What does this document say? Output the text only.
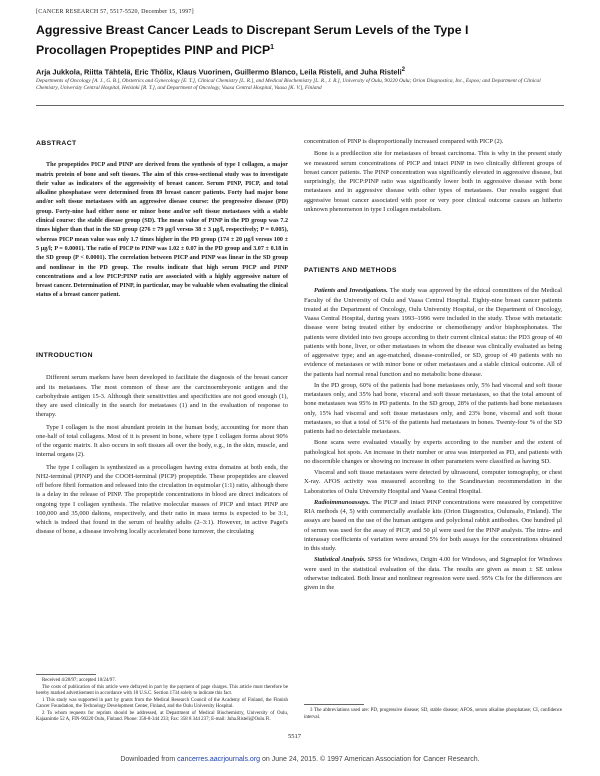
[CANCER RESEARCH 57, 5517-5520, December 15, 1997]
Aggressive Breast Cancer Leads to Discrepant Serum Levels of the Type I Procollagen Propeptides PINP and PICP$^1$
Arja Jukkola, Riitta Tähtelä, Eric Thölix, Klaus Vuorinen, Guillermo Blanco, Leila Risteli, and Juha Risteli$^2$
Departments of Oncology [A. J., G. B.], Obstetrics and Gynecology [E. T.], Clinical Chemistry [L. R.], and Medical Biochemistry [L. R., J. R.], University of Oulu, 90220 Oulu; Orion Diagnostica, Inc., Espoo; and Department of Clinical Chemistry, University Central Hospital, Helsinki [R. T.], and Department of Oncology, Vaasa Central Hospital, Vaasa [K. V.], Finland
ABSTRACT

The propeptides PICP and PINP are derived from the synthesis of type I collagen, a major matrix protein of bone and soft tissues. The aim of this cross-sectional study was to investigate their value as indicators of the aggressivity of breast cancer. Serum PINP, PICP, and total alkaline phosphatase were determined from 89 breast cancer patients. Forty had major bone and/or soft tissue metastases with an aggressive disease course: the progressive disease (PD) group. Forty-nine had either none or minor bone and/or soft tissue metastases with a stable clinical course: the stable disease group (SD). The mean value of PINP in the PD group was 7.2 times higher than that in the SD group (276 ± 79 µg/l versus 38 ± 3 µg/l, respectively; P = 0.005), whereas PICP mean value was only 1.7 times higher in the PD group (174 ± 20 µg/l versus 100 ± 5 µg/l; P = 0.0001). The ratio of PICP to PINP was 1.02 ± 0.07 in the PD group and 3.07 ± 0.18 in the SD group (P < 0.0001). The correlation between PICP and PINP was linear in the SD group and nonlinear in the PD group. The results indicate that high serum PICP and PINP concentrations and a low PICP:PINP ratio are associated with a highly aggressive nature of breast cancer. Determination of PINP, in particular, may be valuable when evaluating the clinical status of a breast cancer patient.

INTRODUCTION

Different serum markers have been developed to facilitate the diagnosis of the breast cancer and its metastases. The most common of these are the carcinoembryonic antigen and the carbohydrate antigen 15-3. Although their sensitivities and specificities are not good enough (1), they are used clinically in the search for metastases (1) and in the evaluation of response to therapy.

Type I collagen is the most abundant protein in the human body, accounting for more than one-half of total collagens. Most of it is present in bone, where type I collagen forms about 90% of the organic matrix. It also occurs in soft tissues all over the body, e.g., in the skin, muscle, and internal organs (2).

The type I collagen is synthesized as a procollagen having extra domains at both ends, the NH2-terminal (PINP) and the COOH-terminal (PICP) propeptide. These propeptides are cleaved off before fibril formation and released into the circulation in equimolar (1:1) ratio, although there is a delay in the release of PINP. The propeptide concentrations in blood are direct indicators of ongoing type I collagen synthesis. The relative molecular masses of PICP and intact PINP are 100,000 and 35,000 daltons, respectively, and their ratio in mass terms is expected to be 3:1, which is indeed that found in the serum of healthy adults (2–3:1). However, in active Paget's disease of bone, a disease involving locally accelerated bone turnover, the circulating

Received 4/28/97; accepted 10/24/97.

The costs of publication of this article were defrayed in part by the payment of page charges. This article must therefore be hereby marked advertisement in accordance with 18 U.S.C. Section 1734 solely to indicate this fact.

1 This study was supported in part by grants from the Medical Research Council of the Academy of Finland, the Finnish Cancer Foundation, the Technology Development Center, Finland, and the Oulu University Hospital.

2 To whom requests for reprints should be addressed, at Department of Medical Biochemistry, University of Oulu, Kajaanintie 52 A, FIN-90220 Oulu, Finland. Phone: 358-8-344 233; Fax: 358 8 344 237; E-mail: Juha.Risteli@Oulu.Fi.

concentration of PINP is disproportionally increased compared with PICP (2).

Bone is a predilection site for metastases of breast carcinoma. This is why in the present study we measured serum concentrations of PICP and intact PINP in two clinically different groups of breast cancer patients. The PINP concentration was significantly elevated in aggressive disease, but surprisingly, the PICP:PINP ratio was significantly lower both in aggressive disease with bone metastases and in aggressive disease with other types of metastases. Our results suggest that aggressive breast cancer associated with poor or very poor clinical outcome causes an hitherto unknown phenomenon in type I collagen metabolism.

PATIENTS AND METHODS

Patients and Investigations. The study was approved by the ethical committees of the Medical Faculty of the University of Oulu and Vaasa Central Hospital. Eighty-nine breast cancer patients treated at the Department of Oncology, Oulu University Hospital, or the Department of Oncology, Vaasa Central Hospital, during years 1993–1996 were included in the study. Those with metastatic disease were being treated either by endocrine or chemotherapy and/or bisphosphonates. The patients were divided into two groups according to their current clinical status: the PD3 group of 40 patients with bone, liver, or other metastases in whom the disease was clinically evaluated as being of aggressive type; and an age-matched, disease-controlled, or SD, group of 49 patients with no evidence of metastases or with minor bone or other metastases and a stable clinical outcome. All of the patients had normal renal function and no metabolic bone disease.

In the PD group, 60% of the patients had bone metastases only, 5% had visceral and soft tissue metastases only, and 35% had bone, visceral and soft tissue metastases, so that the total amount of bone metastases was 95% in PD patients. In the SD group, 28% of the patients had bone metastases only, 15% had visceral and soft tissue metastases only, and 23% bone, visceral and soft tissue metastases, so that a total of 51% of the patients had metastases in bones. Twenty-four % of the SD patients had no detectable metastases.

Bone scans were evaluated visually by experts according to the number and the extent of pathological hot spots. An increase in their number or area was interpreted as PD, and patients with no discernible changes or showing no increase in other parameters were classified as having SD.

Visceral and soft tissue metastases were detected by ultrasound, computer tomography, or chest X-ray. AFOS activity was measured according to the Scandinavian recommendation in the Laboratories of Oulu University Hospital and Vaasa Central Hospital.

Radioimmunoassays. The PICP and intact PINP concentrations were measured by competitive RIA methods (4, 5) with commercially available kits (Orion Diagnostica, Oulunsalo, Finland). The assays are based on the use of the human antigens and polyclonal rabbit antibodies. One hundred µl of serum was used for the assay of PICP, and 50 µl were used for the PINP analysis. The intra- and interassay coefficients of variation were around 5% for both assays for the concentrations obtained in this study.

Statistical Analysis. SPSS for Windows, Origin 4.00 for Windows, and Sigmaplot for Windows were used in the statistical evaluation of the data. The results are given as mean ± SE unless otherwise indicated. Both linear and nonlinear regression were used. 95% CIs for the differences are given in the

3 The abbreviations used are: PD, progressive disease; SD, stable disease; AFOS, serum alkaline phosphatase; CI, confidence interval.

5517
Downloaded from cancerres.aacrjournals.org on June 24, 2015. © 1997 American Association for Cancer Research.
